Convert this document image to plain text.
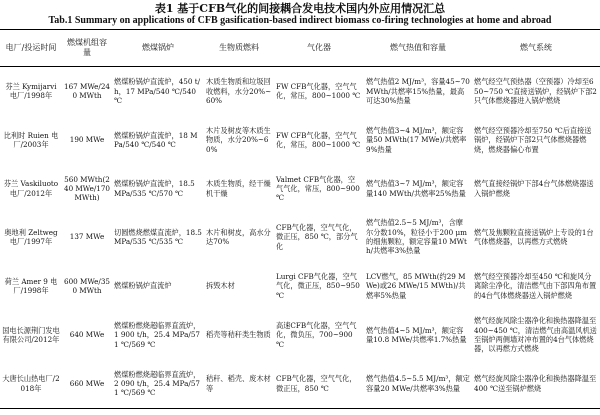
表1 基于CFB气化的间接耦合发电技术国内外应用情况汇总
Tab.1 Summary on applications of CFB gasification-based indirect biomass co-firing technologies at home and abroad
电厂/投运时间	燃煤机组容量	燃煤锅炉	生物质燃料	气化器	燃气热值和容量	燃气系统
芬兰 Kymijarvi 电厂/1998年	167 MWe/240 MWth	燃煤粉锅炉直流炉，450 t/h，17 MPa/540 ℃/540 ℃	木质生物质和垃圾回收燃料，水分20%~60%	FW CFB气化器，空气气化，常压，800~1000 ℃	燃气热值2 MJ/m³，容量45~70 MWth/共燃率15%热量，最高可达30%热量	燃气经空气预热器（空预器）冷却至650~750 ℃直接送锅炉，经锅炉下部2只气体燃烧器进入锅炉燃烧
比利时 Ruien 电厂/2003年	190 MWe	燃煤粉锅炉直流炉，18 MPa/540 ℃/540 ℃	木片及树皮等木质生物质，水分20%~60%	FW CFB气化器，空气气化，常压，800~1000 ℃	燃气热值3~4 MJ/m³，额定容量50 MWth(17 MWe)/共燃率9%热量	燃气经空预器冷却至750 ℃后直接送锅炉，经锅炉下部2只气体燃烧器燃烧，燃烧器偏心布置
芬兰 Vaskiluoto 电厂/2012年	560 MWth(240 MWe/170 MWth)	燃煤粉锅炉直流炉，18.5 MPa/535 ℃/570 ℃	木质生物质，经干燥机干燥	Valmet CFB气化器，空气气化，常压，800~900 ℃	燃气热值3~7 MJ/m³，额定容量140 MWth/共燃率25%热量	燃气直接经锅炉下部4台气体燃烧器送入锅炉燃烧
奥地利 Zeltweg 电厂/1997年	137 MWe	切圆燃烧燃煤直流炉，18.5 MPa/535 ℃/535 ℃	木片和树皮，高水分达70%	CFB气化器，空气气化，微正压，850 ℃，部分气化	燃气热值2.5~5 MJ/m³，含摩尔分数10%，粒径小于200 μm的细焦颗粒，额定容量10 MWth/共燃率3%热量	燃气及焦颗粒直接送锅炉上专设的1台气体燃烧器，以再燃方式燃烧
荷兰 Amer 9 电厂/1998年	600 MWe/350 MWth	燃煤粉锅炉直流炉	拆毁木材	Lurgi CFB气化器，空气气化，微正压，850~950 ℃	LCV燃气，85 MWth(约29 MWe)或26 MWe/15 MWth)/共燃率5%热量	燃气经空预器冷却至450 ℃和旋风分离除尘净化，清洁燃气由下部四角布置的4台气体燃烧器送入锅炉燃烧
国电长源荆门发电有限公司/2012年	640 MWe	燃煤粉燃烧超临界直流炉，1 900 t/h，25.4 MPa/571 ℃/569 ℃	稻壳等秸秆类生物质	高速CFB气化器，空气气化，微负压，700~900 ℃	燃气热值4~5 MJ/m³，额定容量10.8 MWe/共燃率1.7%热量	燃气经旋风除尘器净化和换热器降温至400~450 ℃，清洁燃气由高温风机送至锅炉两侧墙对冲布置的4台气体燃烧器，以再燃方式燃烧
大唐长山热电厂/2018年	660 MWe	燃煤粉燃烧超临界直流炉，2 090 t/h，25.4 MPa/571 ℃/569 ℃	秸秆、稻壳、废木材等	CFB气化器，空气气化，微正压，850 ℃	燃气热值4.5~5.5 MJ/m³，额定容量20 MWe/共燃率3%热量	燃气经旋风除尘器净化和换热器降温至400 ℃送至锅炉燃烧
